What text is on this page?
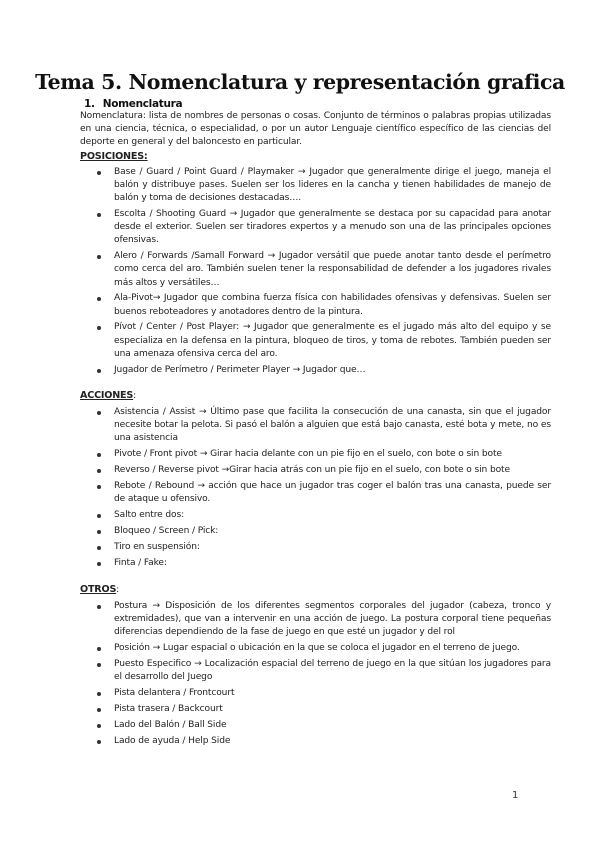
Tema 5. Nomenclatura y representación grafica
1. Nomenclatura

Nomenclatura: lista de nombres de personas o cosas. Conjunto de términos o palabras propias utilizadas en una ciencia, técnica, o especialidad, o por un autor Lenguaje científico específico de las ciencias del deporte en general y del baloncesto en particular.

POSICIONES:
Base / Guard / Point Guard / Playmaker → Jugador que generalmente dirige el juego, maneja el balón y distribuye pases. Suelen ser los lideres en la cancha y tienen habilidades de manejo de balón y toma de decisiones destacadas….
Escolta / Shooting Guard → Jugador que generalmente se destaca por su capacidad para anotar desde el exterior. Suelen ser tiradores expertos y a menudo son una de las principales opciones ofensivas.
Alero / Forwards /Samall Forward → Jugador versátil que puede anotar tanto desde el perímetro como cerca del aro. También suelen tener la responsabilidad de defender a los jugadores rivales más altos y versátiles…
Ala-Pivot→ Jugador que combina fuerza física con habilidades ofensivas y defensivas. Suelen ser buenos reboteadores y anotadores dentro de la pintura.
Pívot / Center / Post Player: → Jugador que generalmente es el jugado más alto del equipo y se especializa en la defensa en la pintura, bloqueo de tiros, y toma de rebotes. También pueden ser una amenaza ofensiva cerca del aro.
Jugador de Perímetro / Perimeter Player → Jugador que…
ACCIONES:
Asistencia / Assist → Último pase que facilita la consecución de una canasta, sin que el jugador necesite botar la pelota. Si pasó el balón a alguien que está bajo canasta, esté bota y mete, no es una asistencia
Pivote / Front pivot → Girar hacia delante con un pie fijo en el suelo, con bote o sin bote
Reverso / Reverse pivot →Girar hacia atrás con un pie fijo en el suelo, con bote o sin bote
Rebote / Rebound → acción que hace un jugador tras coger el balón tras una canasta, puede ser de ataque u ofensivo.
Salto entre dos:
Bloqueo / Screen / Pick:
Tiro en suspensión:
Finta / Fake:
OTROS:
Postura → Disposición de los diferentes segmentos corporales del jugador (cabeza, tronco y extremidades), que van a intervenir en una acción de juego. La postura corporal tiene pequeñas diferencias dependiendo de la fase de juego en que esté un jugador y del rol
Posición → Lugar espacial o ubicación en la que se coloca el jugador en el terreno de juego.
Puesto Especifico → Localización espacial del terreno de juego en la que sitúan los jugadores para el desarrollo del Juego
Pista delantera / Frontcourt
Pista trasera / Backcourt
Lado del Balón / Ball Side
Lado de ayuda / Help Side
1
